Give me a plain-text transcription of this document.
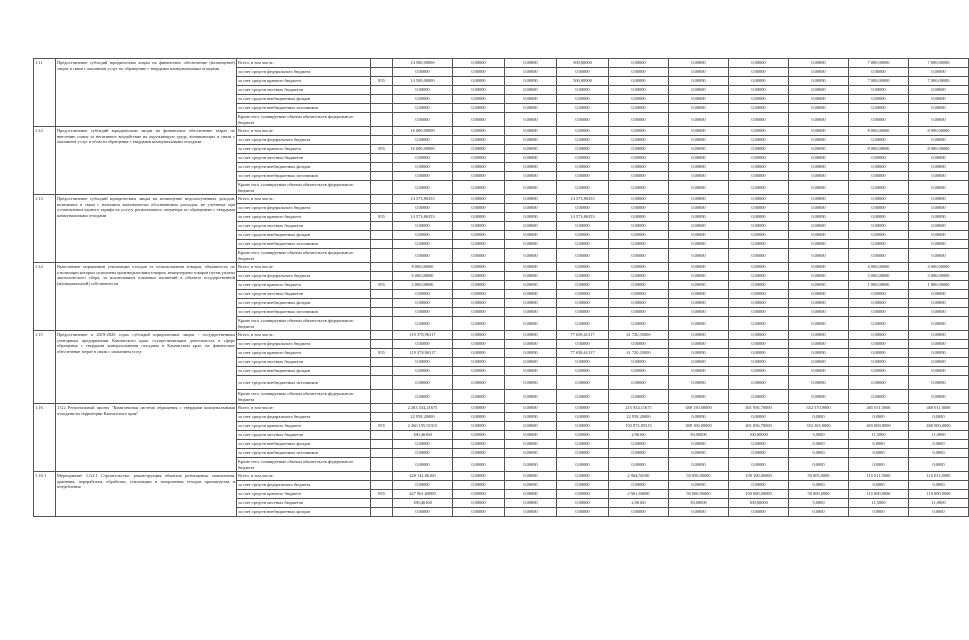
1.11	Предоставление субсидий юридическим лицам на финансовое обеспечение (возмещение) затрат в связи с оказанием услуг по обращению с твердыми коммунальными отходами	Всего, в том числе:		14 500,00000	0,00000	0,00000	500,00000	0,00000	0,00000	0,00000	0,00000	7 000,00000	7 000,00000
		за счет средств федерального бюджета		0,00000	0,00000	0,00000	0,00000	0,00000	0,00000	0,00000	0,00000	0,00000	0,00000
		за счет средств краевого бюджета	855	14 500,00000	0,00000	0,00000	500,00000	0,00000	0,00000	0,00000	0,00000	7 000,00000	7 000,00000
		за счет средств местных бюджетов		0,00000	0,00000	0,00000	0,00000	0,00000	0,00000	0,00000	0,00000	0,00000	0,00000
		за счет средств внебюджетных фондов		0,00000	0,00000	0,00000	0,00000	0,00000	0,00000	0,00000	0,00000	0,00000	0,00000
		за счет средств внебюджетных источников		0,00000	0,00000	0,00000	0,00000	0,00000	0,00000	0,00000	0,00000	0,00000	0,00000
		Кроме того, планируемые объемы обязательств федерального бюджета		0,00000	0,00000	0,00000	0,00000	0,00000	0,00000	0,00000	0,00000	0,00000	0,00000
1.12	Предоставление субсидий юридическим лицам на финансовое обеспечение затрат по внесению платы за негативное воздействие на окружающую среду, возникающих в связи с оказанием услуг в области обращения с твердыми коммунальными отходами	Всего, в том числе:		16 000,00000	0,00000	0,00000	0,00000	0,00000	0,00000	0,00000	0,00000	8 000,00000	8 000,00000
		за счет средств федерального бюджета		0,00000	0,00000	0,00000	0,00000	0,00000	0,00000	0,00000	0,00000	0,00000	0,00000
		за счет средств краевого бюджета	855	16 000,00000	0,00000	0,00000	0,00000	0,00000	0,00000	0,00000	0,00000	8 000,00000	8 000,00000
		за счет средств местных бюджетов		0,00000	0,00000	0,00000	0,00000	0,00000	0,00000	0,00000	0,00000	0,00000	0,00000
		за счет средств внебюджетных фондов		0,00000	0,00000	0,00000	0,00000	0,00000	0,00000	0,00000	0,00000	0,00000	0,00000
		за счет средств внебюджетных источников		0,00000	0,00000	0,00000	0,00000	0,00000	0,00000	0,00000	0,00000	0,00000	0,00000
		Кроме того, планируемые объемы обязательств федерального бюджета		0,00000	0,00000	0,00000	0,00000	0,00000	0,00000	0,00000	0,00000	0,00000	0,00000
1.13	Предоставление субсидий юридическим лицам на возмещение недополученных доходов, возникших в связи с наличием экономически обоснованных расходов, не учтенных при установлении единого тарифа на услугу регионального оператора по обращению с твердыми коммунальными отходами	Всего, в том числе:		14 573,86353	0,00000	0,00000	14 573,86353	0,00000	0,00000	0,00000	0,00000	0,00000	0,00000
		за счет средств федерального бюджета		0,00000	0,00000	0,00000	0,00000	0,00000	0,00000	0,00000	0,00000	0,00000	0,00000
		за счет средств краевого бюджета	855	14 573,86353	0,00000	0,00000	14 573,86353	0,00000	0,00000	0,00000	0,00000	0,00000	0,00000
		за счет средств местных бюджетов		0,00000	0,00000	0,00000	0,00000	0,00000	0,00000	0,00000	0,00000	0,00000	0,00000
		за счет средств внебюджетных фондов		0,00000	0,00000	0,00000	0,00000	0,00000	0,00000	0,00000	0,00000	0,00000	0,00000
		за счет средств внебюджетных источников		0,00000	0,00000	0,00000	0,00000	0,00000	0,00000	0,00000	0,00000	0,00000	0,00000
		Кроме того, планируемые объемы обязательств федерального бюджета		0,00000	0,00000	0,00000	0,00000	0,00000	0,00000	0,00000	0,00000	0,00000	0,00000
1.14	Выполнение нормативов утилизации отходов от использования товаров, обязанность по утилизации которых исполнена производителями товаров, импортерами товаров путем уплаты экологического сбора, за исключением плановых вложений в объекты государственной (муниципальной) собственности	Всего, в том числе:		8 000,00000	0,00000	0,00000	0,00000	0,00000	0,00000	0,00000	0,00000	4 000,00000	4 000,00000
		за счет средств федерального бюджета		6 000,00000	0,00000	0,00000	0,00000	0,00000	0,00000	0,00000	0,00000	3 000,00000	3 000,00000
		за счет средств краевого бюджета	855	2 000,00000	0,00000	0,00000	0,00000	0,00000	0,00000	0,00000	0,00000	1 000,00000	1 000,00000
		за счет средств местных бюджетов		0,00000	0,00000	0,00000	0,00000	0,00000	0,00000	0,00000	0,00000	0,00000	0,00000
		за счет средств внебюджетных фондов		0,00000	0,00000	0,00000	0,00000	0,00000	0,00000	0,00000	0,00000	0,00000	0,00000
		за счет средств внебюджетных источников		0,00000	0,00000	0,00000	0,00000	0,00000	0,00000	0,00000	0,00000	0,00000	0,00000
		Кроме того, планируемые объемы обязательств федерального бюджета		0,00000	0,00000	0,00000	0,00000	0,00000	0,00000	0,00000	0,00000	0,00000	0,00000
1.15	Предоставление в 2019-2020 годах субсидий юридическим лицам - государственным унитарным предприятиям Камчатского края, осуществляющим деятельность в сфере обращения с твердыми коммунальными отходами в Камчатском крае, на финансовое обеспечение затрат в связи с оказанием услуг	Всего, в том числе:		119 378,96317	0,00000	0,00000	77 658,61317	41 720,35000	0,00000	0,00000	0,00000	0,00000	0,00000
		за счет средств федерального бюджета		0,00000	0,00000	0,00000	0,00000	0,00000	0,00000	0,00000	0,00000	0,00000	0,00000
		за счет средств краевого бюджета	855	119 378,96317	0,00000	0,00000	77 658,61317	41 720,35000	0,00000	0,00000	0,00000	0,00000	0,00000
		за счет средств местных бюджетов		0,00000	0,00000	0,00000	0,00000	0,00000	0,00000	0,00000	0,00000	0,00000	0,00000
		за счет средств внебюджетных фондов		0,00000	0,00000	0,00000	0,00000	0,00000	0,00000	0,00000	0,00000	0,00000	0,00000
		за счет средств внебюджетных источников		0,00000	0,00000	0,00000	0,00000	0,00000	0,00000	0,00000	0,00000	0,00000	0,00000
		Кроме того, планируемые объемы обязательств федерального бюджета		0,00000	0,00000	0,00000	0,00000	0,00000	0,00000	0,00000	0,00000	0,00000	0,00000
1.16	1.G2 Региональный проект "Комплексная система обращения с твердыми коммунальными отходами на территории Камчатского края"	Всего, в том числе:		2 283 334,21675	0,00000	0,00000	0,00000	215 834,11675	388 150,00000	401 956,70000	352 370,9000	465 011,5000	460 011,0000
		за счет средств федерального бюджета		22 958,20000	0,00000	0,00000	0,00000	22 958,20000	0,00000	0,00000	0,0000	0,0000	0,0000
		за счет средств краевого бюджета	855	2 260 195,55315	0,00000	0,00000	0,00000	192 872,95515	388 100,00000	401 856,70000	352 365,9000	465 000,0000	460 000,0000
		за счет средств местных бюджетов		180,46360	0,00000	0,00000	0,00000	2,96160	50,00000	100,00000	5,0000	11,5000	11,0000
		за счет средств внебюджетных фондов		0,00000	0,00000	0,00000	0,00000	0,00000	0,00000	0,00000	0,0000	0,0000	0,0000
		за счет средств внебюджетных источников		0,00000	0,00000	0,00000	0,00000	0,00000	0,00000	0,00000	0,0000	0,0000	0,0000
		Кроме того, планируемые объемы обязательств федерального бюджета		0,00000	0,00000	0,00000	0,00000	0,00000	0,00000	0,00000	0,0000	0,0000	0,0000
1.16-1	Мероприятие 1.G2.1 Строительство, реконструкция объектов размещения, накопления, хранения, переработки, обработки, утилизации и захоронения отходов производства и потребления	Всего, в том числе:		428 142,06160	0,00000	0,00000	0,00000	2 964,56160	50 050,00000	100 100,00000	50 005,0000	115 011,5000	110 011,0000
		за счет средств федерального бюджета		0,00000	0,00000	0,00000	0,00000	0,00000	0,00000	0,00000	0,0000	0,0000	0,0000
		за счет средств краевого бюджета	855	427 961,60000	0,00000	0,00000	0,00000	2 961,60000	50 000,00000	100 000,00000	50 000,0000	115 000,0000	110 000,0000
		за счет средств местных бюджетов		180,46160	0,00000	0,00000	0,00000	2,96160	50,00000	100,00000	5,0000	11,5000	11,0000
		за счет средств внебюджетных фондов		0,00000	0,00000	0,00000	0,00000	0,00000	0,00000	0,00000	0,0000	0,0000	0,0000
